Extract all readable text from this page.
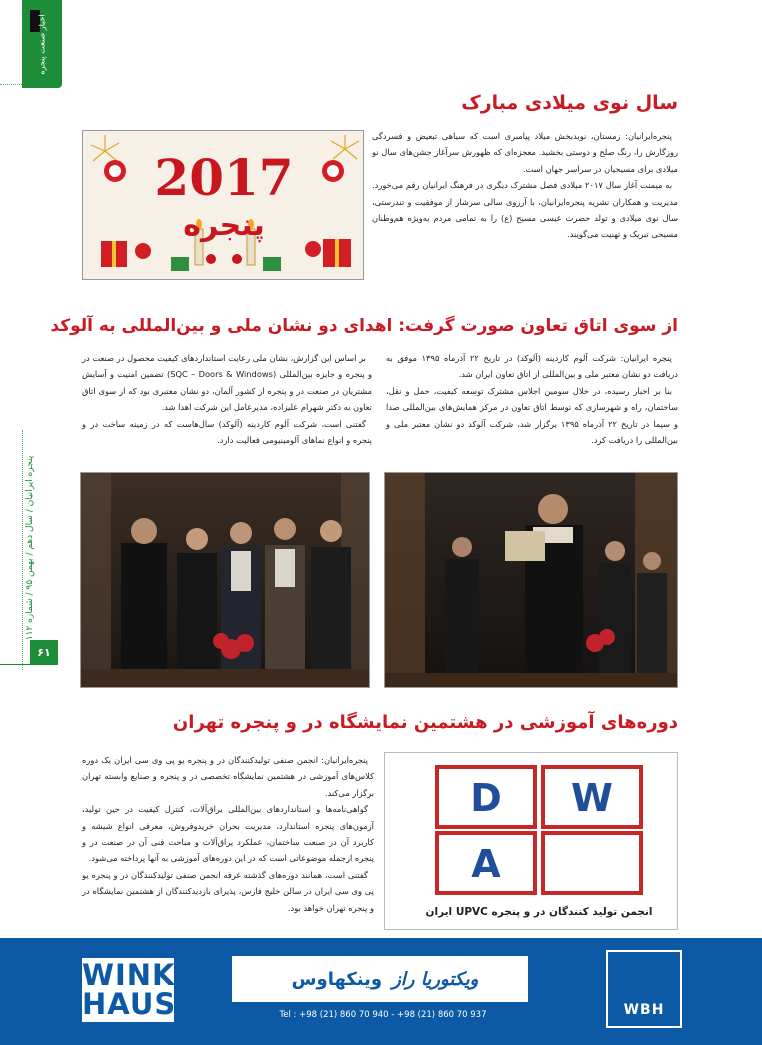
اخبار صنعت پنجره
پنجره ایرانیان / سال دهم / بهمن ۹۵ / شماره ۱۱۲
۶۱
سال نوی میلادی مبارک

پنجره‌ایرانیان: زمستان، نویدبخش میلاد پیامبری است که سیاهی تبعیض و فسردگی روزگارش را، رنگ صلح و دوستی بخشید. معجزه‌ای که ظهورش سرآغاز جشن‌های سال نو میلادی برای مسیحیان در سراسر جهان است.

به میمنت آغاز سال ۲۰۱۷ میلادی فصل مشترک دیگری در فرهنگ ایرانیان رقم می‌خورد. مدیریت و همکاران نشریه پنجره‌ایرانیان، با آرزوی سالی سرشار از موفقیت و تندرستی، سال نوی میلادی و تولد حضرت عیسی مسیح (ع) را به تمامی مردم به‌ویژه هم‌وطنان مسیحی تبریک و تهنیت می‌گویند.

2017
پنجره
از سوی اتاق تعاون صورت گرفت: اهدای دو نشان ملی و بین‌المللی به آلوکد

پنجره ایرانیان: شرکت آلوم کاردینه (آلوکد) در تاریخ ۲۲ آذرماه ۱۳۹۵ موفق به دریافت دو نشان معتبر ملی و بین‌المللی از اتاق تعاون ایران شد.

بنا بر اخبار رسیده، در خلال سومین اجلاس مشترک توسعه کیفیت، حمل و نقل، ساختمان، راه و شهرسازی که توسط اتاق تعاون در مرکز همایش‌های بین‌المللی صدا و سیما در تاریخ ۲۲ آذرماه ۱۳۹۵ برگزار شد، شرکت آلوکد دو نشان معتبر ملی و بین‌المللی را دریافت کرد.

بر اساس این گزارش، نشان ملی رعایت استانداردهای کیفیت محصول در صنعت در و پنجره و جایزه بین‌المللی (SQC – Doors & Windows) تضمین امنیت و آسایش مشتریان در صنعت در و پنجره از کشور آلمان، دو نشان معتبری بود که از سوی اتاق تعاون به دکتر شهرام علیزاده، مدیرعامل این شرکت اهدا شد.

گفتنی است، شرکت آلوم کاردینه (آلوکد) سال‌هاست که در زمینه ساخت در و پنجره و انواع نماهای آلومینیومی فعالیت دارد.

دوره‌های آموزشی در هشتمین نمایشگاه در و پنجره تهران

پنجره‌ایرانیان: انجمن صنفی تولیدکنندگان در و پنجره یو پی وی سی ایران یک دوره کلاس‌های آموزشی در هشتمین نمایشگاه تخصصی در و پنجره و صنایع وابسته تهران برگزار می‌کند.

گواهی‌نامه‌ها و استانداردهای بین‌المللی یراق‌آلات، کنترل کیفیت در حین تولید، آزمون‌های پنجره استاندارد، مدیریت بحران خرید‌وفروش، معرفی انواع شیشه و کاربرد آن در صنعت ساختمان، عملکرد یراق‌آلات و مباحث فنی آن در صنعت در و پنجره ازجمله موضوعاتی است که در این دوره‌های آموزشی به آنها پرداخته می‌شود.

گفتنی است، همانند دوره‌های گذشته غرفه انجمن صنفی تولیدکنندگان در و پنجره یو پی وی سی ایران در سالن خلیج فارس، پذیرای بازدیدکنندگان از هشتمین نمایشگاه در و پنجره تهران خواهد بود.

D W
A
انجمن تولید کنندگان در و پنجره UPVC ایران
WINK
HAUS
ویکتوریا راز
وینکهاوس
Tel : +98 (21) 860 70 940 - +98 (21) 860 70 937	WBH
